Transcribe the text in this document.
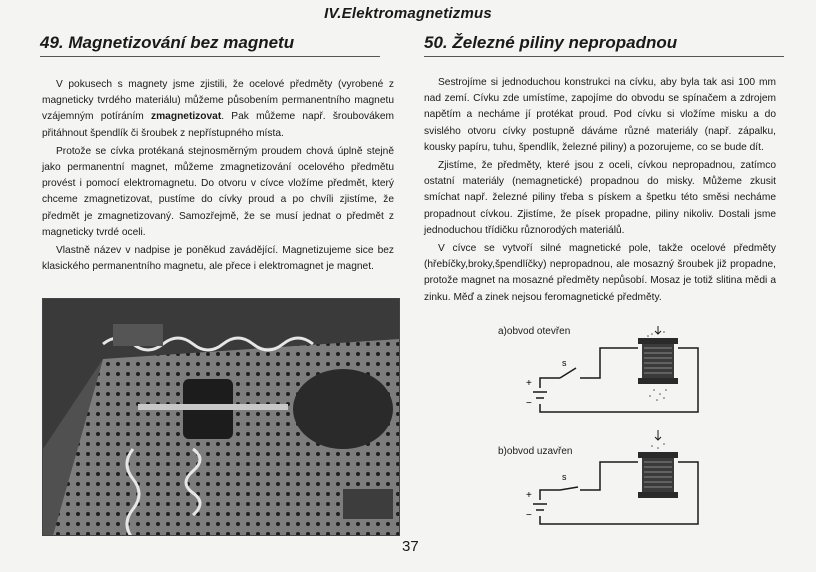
IV.Elektromagnetizmus
49. Magnetizování bez magnetu	50. Železné piliny nepropadnou

V pokusech s magnety jsme zjistili, že ocelové předměty (vyrobené z magneticky tvrdého materiálu) můžeme působením permanentního magnetu vzájemným potíráním zmagnetizovat. Pak můžeme např. šroubovákem přitáhnout špendlík či šroubek z nepřístupného místa.

Protože se cívka protékaná stejnosměrným proudem chová úplně stejně jako permanentní magnet, můžeme zmagnetizování ocelového předmětu provést i pomocí elektromagnetu. Do otvoru v cívce vložíme předmět, který chceme zmagnetizovat, pustíme do cívky proud a po chvíli zjistíme, že předmět je zmagnetizovaný. Samozřejmě, že se musí jednat o předmět z magneticky tvrdé oceli.

Vlastně název v nadpise je poněkud zavádějící. Magnetizujeme sice bez klasického permanentního magnetu, ale přece i elektromagnet je magnet.

37

Sestrojíme si jednoduchou konstrukci na cívku, aby byla tak asi 100 mm nad zemí. Cívku zde umístíme, zapojíme do obvodu se spínačem a zdrojem napětím a necháme jí protékat proud. Pod cívku si vložíme misku a do svislého otvoru cívky postupně dáváme různé materiály (např. zápalku, kousky papíru, tuhu, špendlík, železné piliny) a pozorujeme, co se bude dít.

Zjistíme, že předměty, které jsou z oceli, cívkou nepropadnou, zatímco ostatní materiály (nemagnetické) propadnou do misky. Můžeme zkusit smíchat např. železné piliny třeba s pískem a špetku této směsi necháme propadnout cívkou. Zjistíme, že písek propadne, piliny nikoliv. Dostali jsme jednoduchou třídičku různorodých materiálů.

V cívce se vytvoří silné magnetické pole, takže ocelové předměty (hřebíčky,broky,špendlíčky) nepropadnou, ale mosazný šroubek již propadne, protože magnet na mosazné předměty nepůsobí. Mosaz je totiž slitina mědi a zinku. Měď a zinek nejsou feromagnetické předměty.

a)obvod otevřen
b)obvod uzavřen
+
−
s
+
−
s
